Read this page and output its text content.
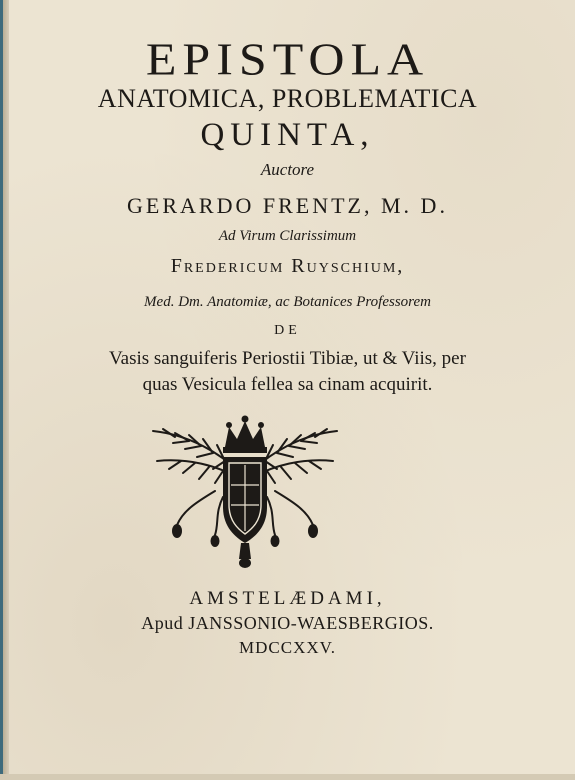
EPISTOLA
ANATOMICA, PROBLEMATICA
QUINTA,
Auctore
GERARDO FRENTZ, M. D.
Ad Virum Clarissimum
Fredericum Ruyschium,
Med. Dm. Anatomiæ, ac Botanices Professorem
DE
Vasis sanguiferis Periostii Tibiæ, ut & Viis, per
quas Vesicula fellea sa cinam acquirit.
AMSTELÆDAMI,
Apud JANSSONIO-WAESBERGIOS.
MDCCXXV.
